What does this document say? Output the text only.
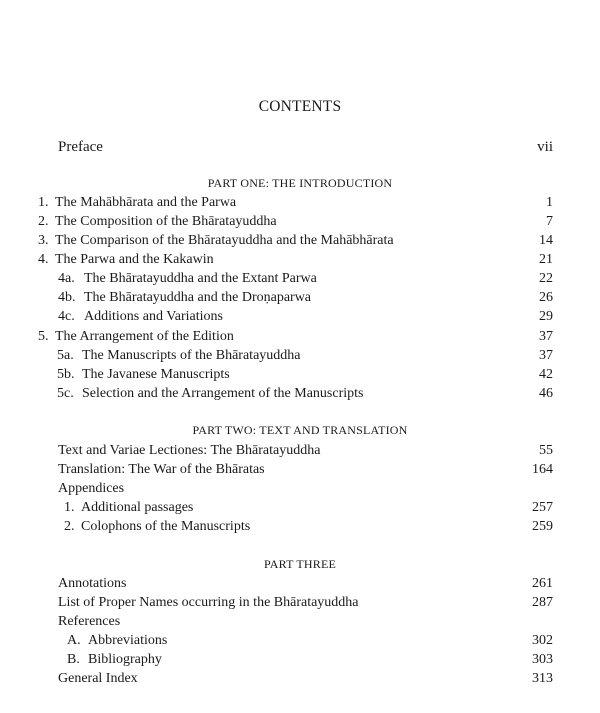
CONTENTS
Preface	vii
PART ONE: THE INTRODUCTION
1. The Mahābhārata and the Parwa	1
2. The Composition of the Bhāratayuddha	7
3. The Comparison of the Bhāratayuddha and the Mahābhārata	14
4. The Parwa and the Kakawin	21
4a. The Bhāratayuddha and the Extant Parwa	22
4b. The Bhāratayuddha and the Droṇaparwa	26
4c. Additions and Variations	29
5. The Arrangement of the Edition	37
5a. The Manuscripts of the Bhāratayuddha	37
5b. The Javanese Manuscripts	42
5c. Selection and the Arrangement of the Manuscripts	46
PART TWO: TEXT AND TRANSLATION
Text and Variae Lectiones: The Bhāratayuddha	55
Translation: The War of the Bhāratas	164
Appendices
1. Additional passages	257
2. Colophons of the Manuscripts	259
PART THREE
Annotations	261
List of Proper Names occurring in the Bhāratayuddha	287
References
A. Abbreviations	302
B. Bibliography	303
General Index	313
